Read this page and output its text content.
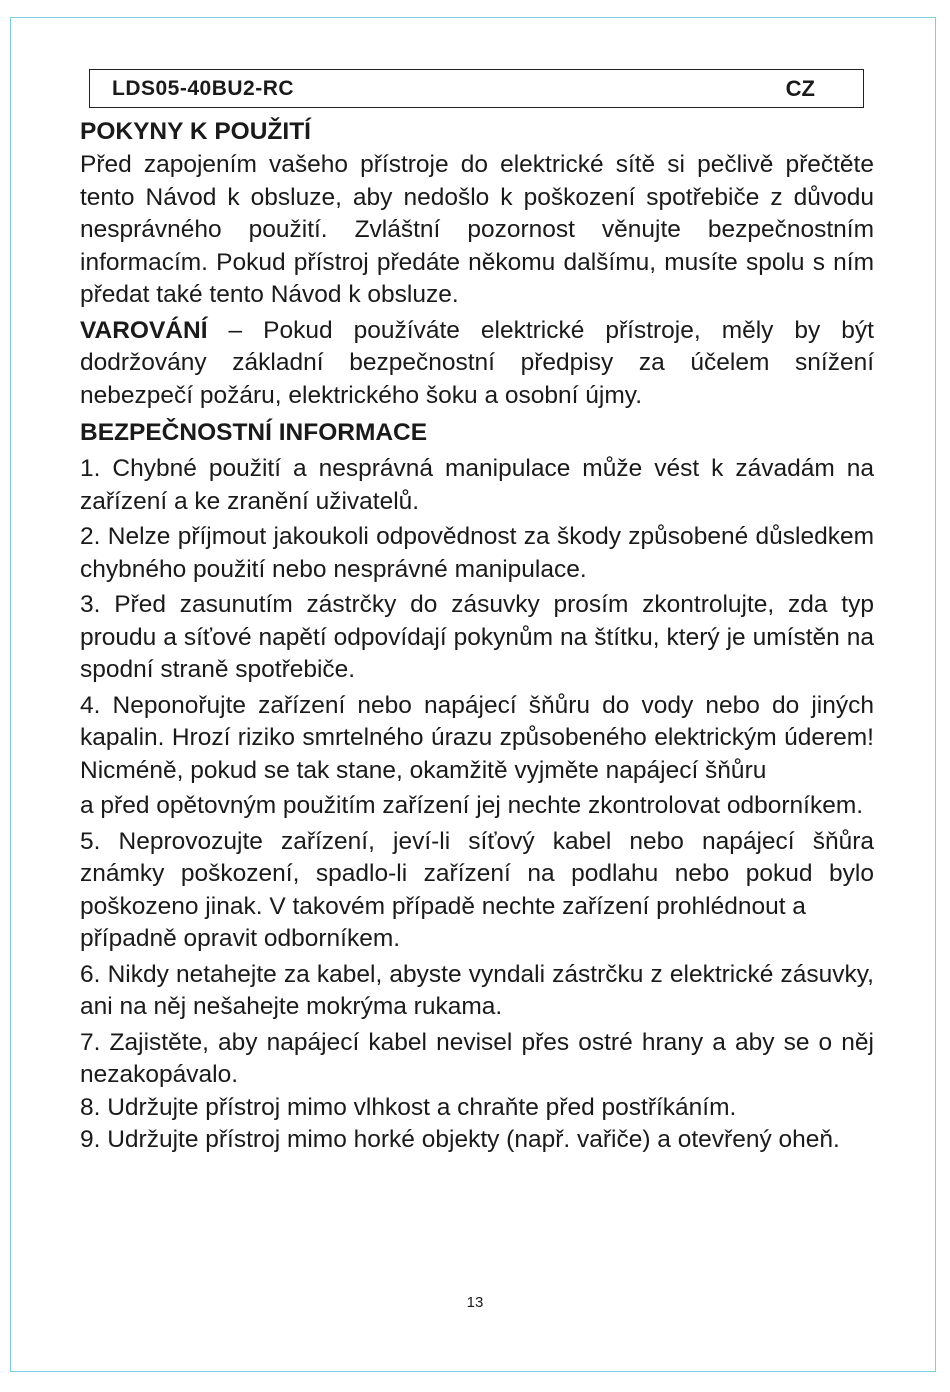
LDS05-40BU2-RC	CZ
POKYNY K POUŽITÍ

Před zapojením vašeho přístroje do elektrické sítě si pečlivě přečtěte tento Návod k obsluze, aby nedošlo k poškození spotřebiče z důvodu nesprávného použití. Zvláštní pozornost věnujte bezpečnostním informacím. Pokud přístroj předáte někomu dalšímu, musíte spolu s ním předat také tento Návod k obsluze.

VAROVÁNÍ – Pokud používáte elektrické přístroje, měly by být dodržovány základní bezpečnostní předpisy za účelem snížení nebezpečí požáru, elektrického šoku a osobní újmy.

BEZPEČNOSTNÍ INFORMACE

1. Chybné použití a nesprávná manipulace může vést k závadám na zařízení a ke zranění uživatelů.

2. Nelze příjmout jakoukoli odpovědnost za škody způsobené důsledkem chybného použití nebo nesprávné manipulace.

3. Před zasunutím zástrčky do zásuvky prosím zkontrolujte, zda typ proudu a síťové napětí odpovídají pokynům na štítku, který je umístěn na spodní straně spotřebiče.

4. Neponořujte zařízení nebo napájecí šňůru do vody nebo do jiných kapalin. Hrozí riziko smrtelného úrazu způsobeného elektrickým úderem! Nicméně, pokud se tak stane, okamžitě vyjměte napájecí šňůru

a před opětovným použitím zařízení jej nechte zkontrolovat odborníkem.

5. Neprovozujte zařízení, jeví‐li síťový kabel nebo napájecí šňůra známky poškození, spadlo‐li zařízení na podlahu nebo pokud bylo poškozeno jinak. V takovém případě nechte zařízení prohlédnout a

případně opravit odborníkem.

6. Nikdy netahejte za kabel, abyste vyndali zástrčku z elektrické zásuvky, ani na něj nešahejte mokrýma rukama.

7. Zajistěte, aby napájecí kabel nevisel přes ostré hrany a aby se o něj nezakopávalo.

8. Udržujte přístroj mimo vlhkost a chraňte před postříkáním.

9. Udržujte přístroj mimo horké objekty (např. vařiče) a otevřený oheň.

13
